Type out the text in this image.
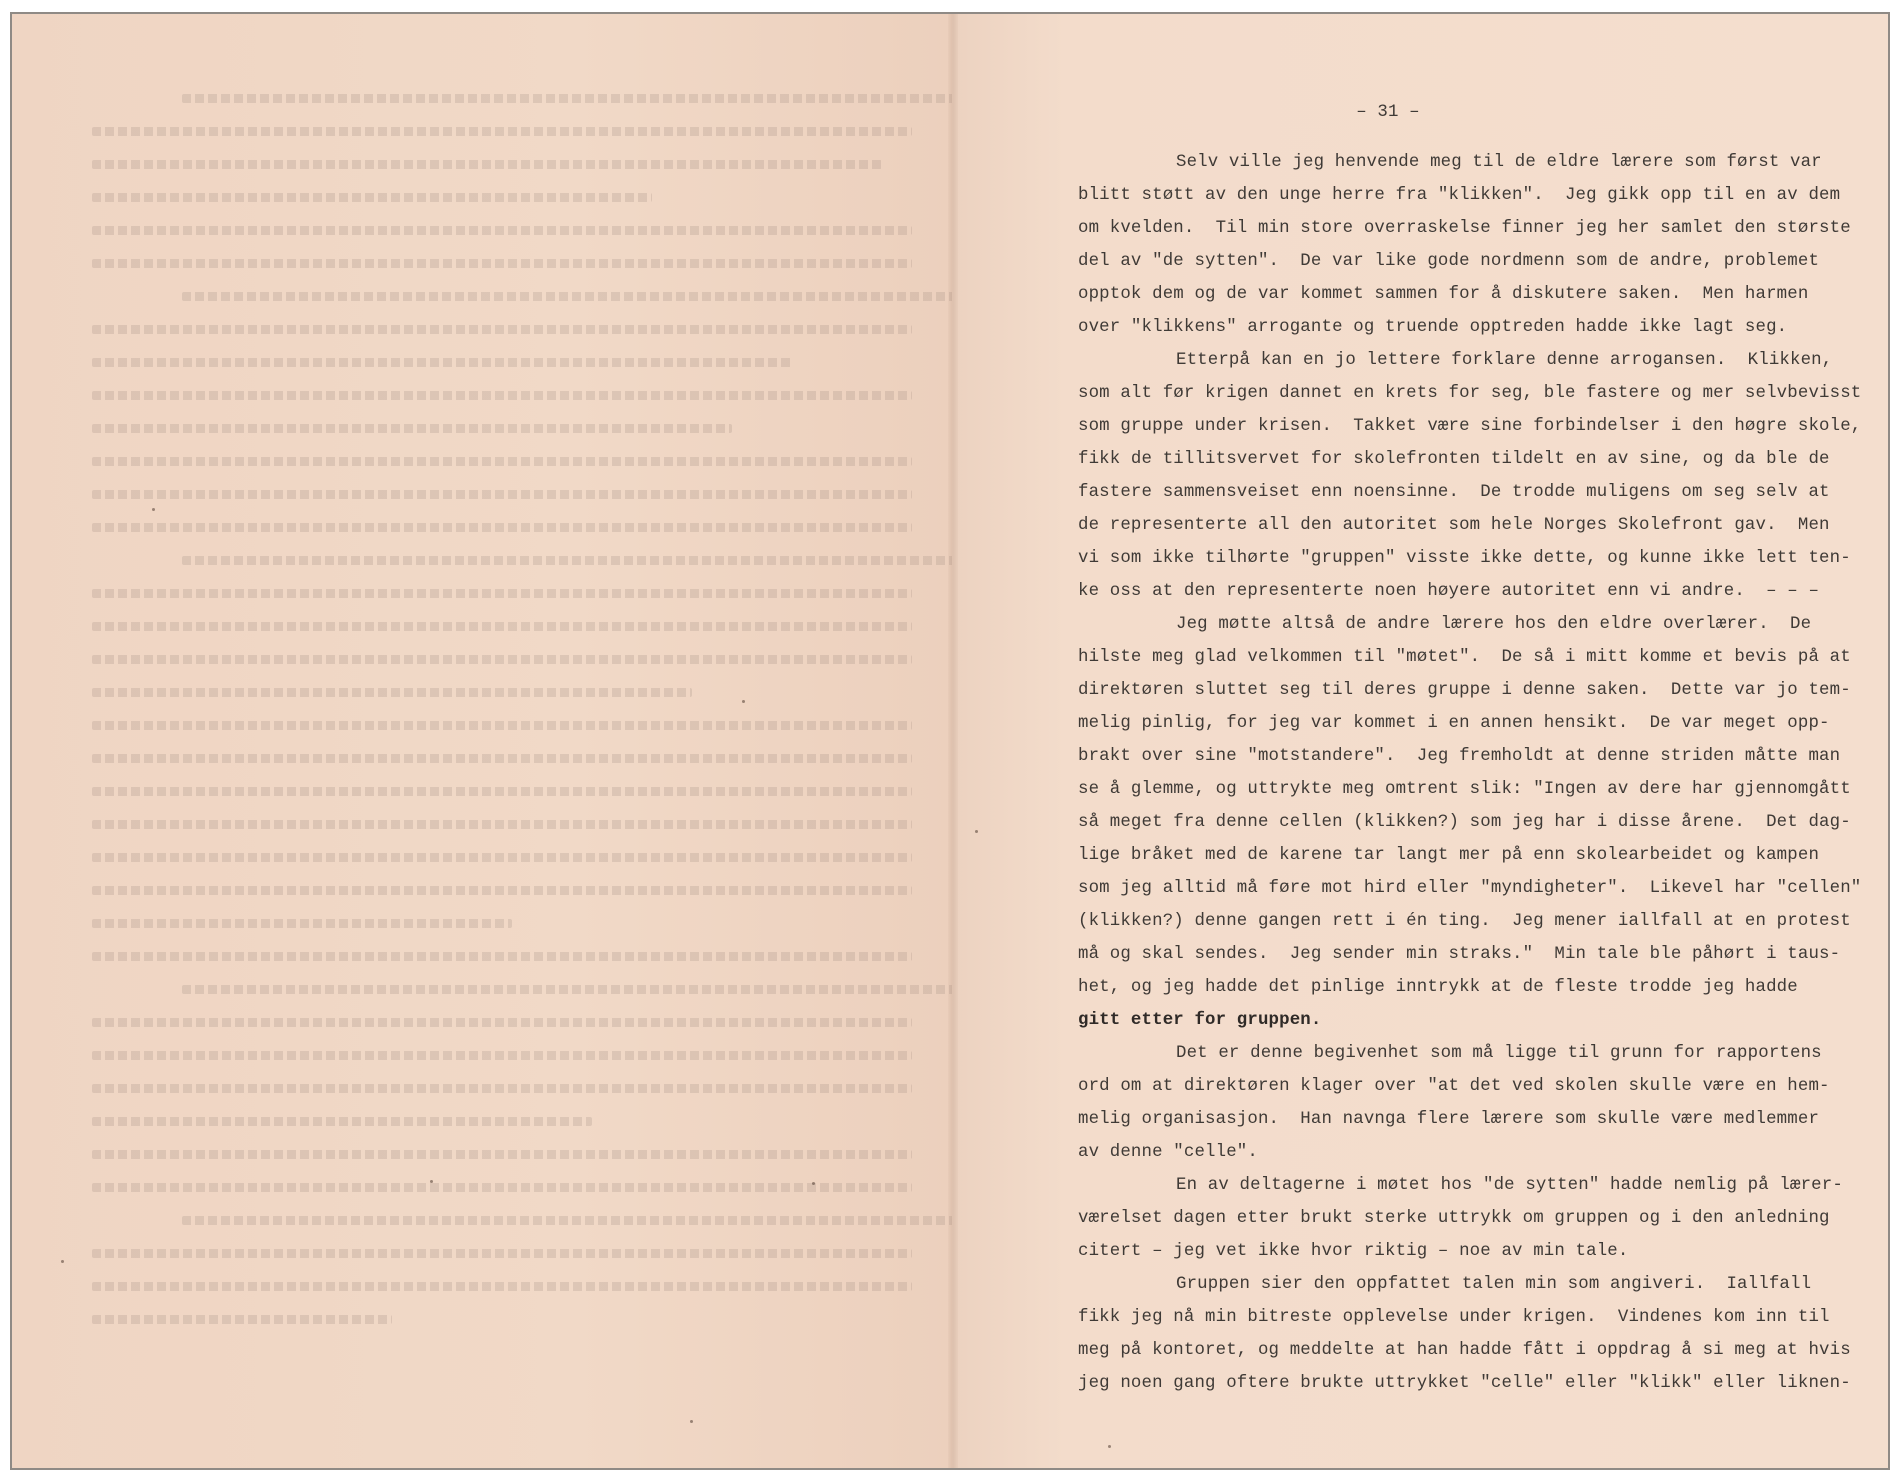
– 31 –
Selv ville jeg henvende meg til de eldre lærere som først var
blitt støtt av den unge herre fra "klikken".  Jeg gikk opp til en av dem
om kvelden.  Til min store overraskelse finner jeg her samlet den største
del av "de sytten".  De var like gode nordmenn som de andre, problemet
opptok dem og de var kommet sammen for å diskutere saken.  Men harmen
over "klikkens" arrogante og truende opptreden hadde ikke lagt seg.
Etterpå kan en jo lettere forklare denne arrogansen.  Klikken,
som alt før krigen dannet en krets for seg, ble fastere og mer selvbevisst
som gruppe under krisen.  Takket være sine forbindelser i den høgre skole,
fikk de tillitsvervet for skolefronten tildelt en av sine, og da ble de
fastere sammensveiset enn noensinne.  De trodde muligens om seg selv at
de representerte all den autoritet som hele Norges Skolefront gav.  Men
vi som ikke tilhørte "gruppen" visste ikke dette, og kunne ikke lett ten-
ke oss at den representerte noen høyere autoritet enn vi andre.  – – –
Jeg møtte altså de andre lærere hos den eldre overlærer.  De
hilste meg glad velkommen til "møtet".  De så i mitt komme et bevis på at
direktøren sluttet seg til deres gruppe i denne saken.  Dette var jo tem-
melig pinlig, for jeg var kommet i en annen hensikt.  De var meget opp-
brakt over sine "motstandere".  Jeg fremholdt at denne striden måtte man
se å glemme, og uttrykte meg omtrent slik: "Ingen av dere har gjennomgått
så meget fra denne cellen (klikken?) som jeg har i disse årene.  Det dag-
lige bråket med de karene tar langt mer på enn skolearbeidet og kampen
som jeg alltid må føre mot hird eller "myndigheter".  Likevel har "cellen"
(klikken?) denne gangen rett i én ting.  Jeg mener iallfall at en protest
må og skal sendes.  Jeg sender min straks."  Min tale ble påhørt i taus-
het, og jeg hadde det pinlige inntrykk at de fleste trodde jeg hadde
gitt etter for gruppen.
Det er denne begivenhet som må ligge til grunn for rapportens
ord om at direktøren klager over "at det ved skolen skulle være en hem-
melig organisasjon.  Han navnga flere lærere som skulle være medlemmer
av denne "celle".
En av deltagerne i møtet hos "de sytten" hadde nemlig på lærer-
værelset dagen etter brukt sterke uttrykk om gruppen og i den anledning
citert – jeg vet ikke hvor riktig – noe av min tale.
Gruppen sier den oppfattet talen min som angiveri.  Iallfall
fikk jeg nå min bitreste opplevelse under krigen.  Vindenes kom inn til
meg på kontoret, og meddelte at han hadde fått i oppdrag å si meg at hvis
jeg noen gang oftere brukte uttrykket "celle" eller "klikk" eller liknen-
